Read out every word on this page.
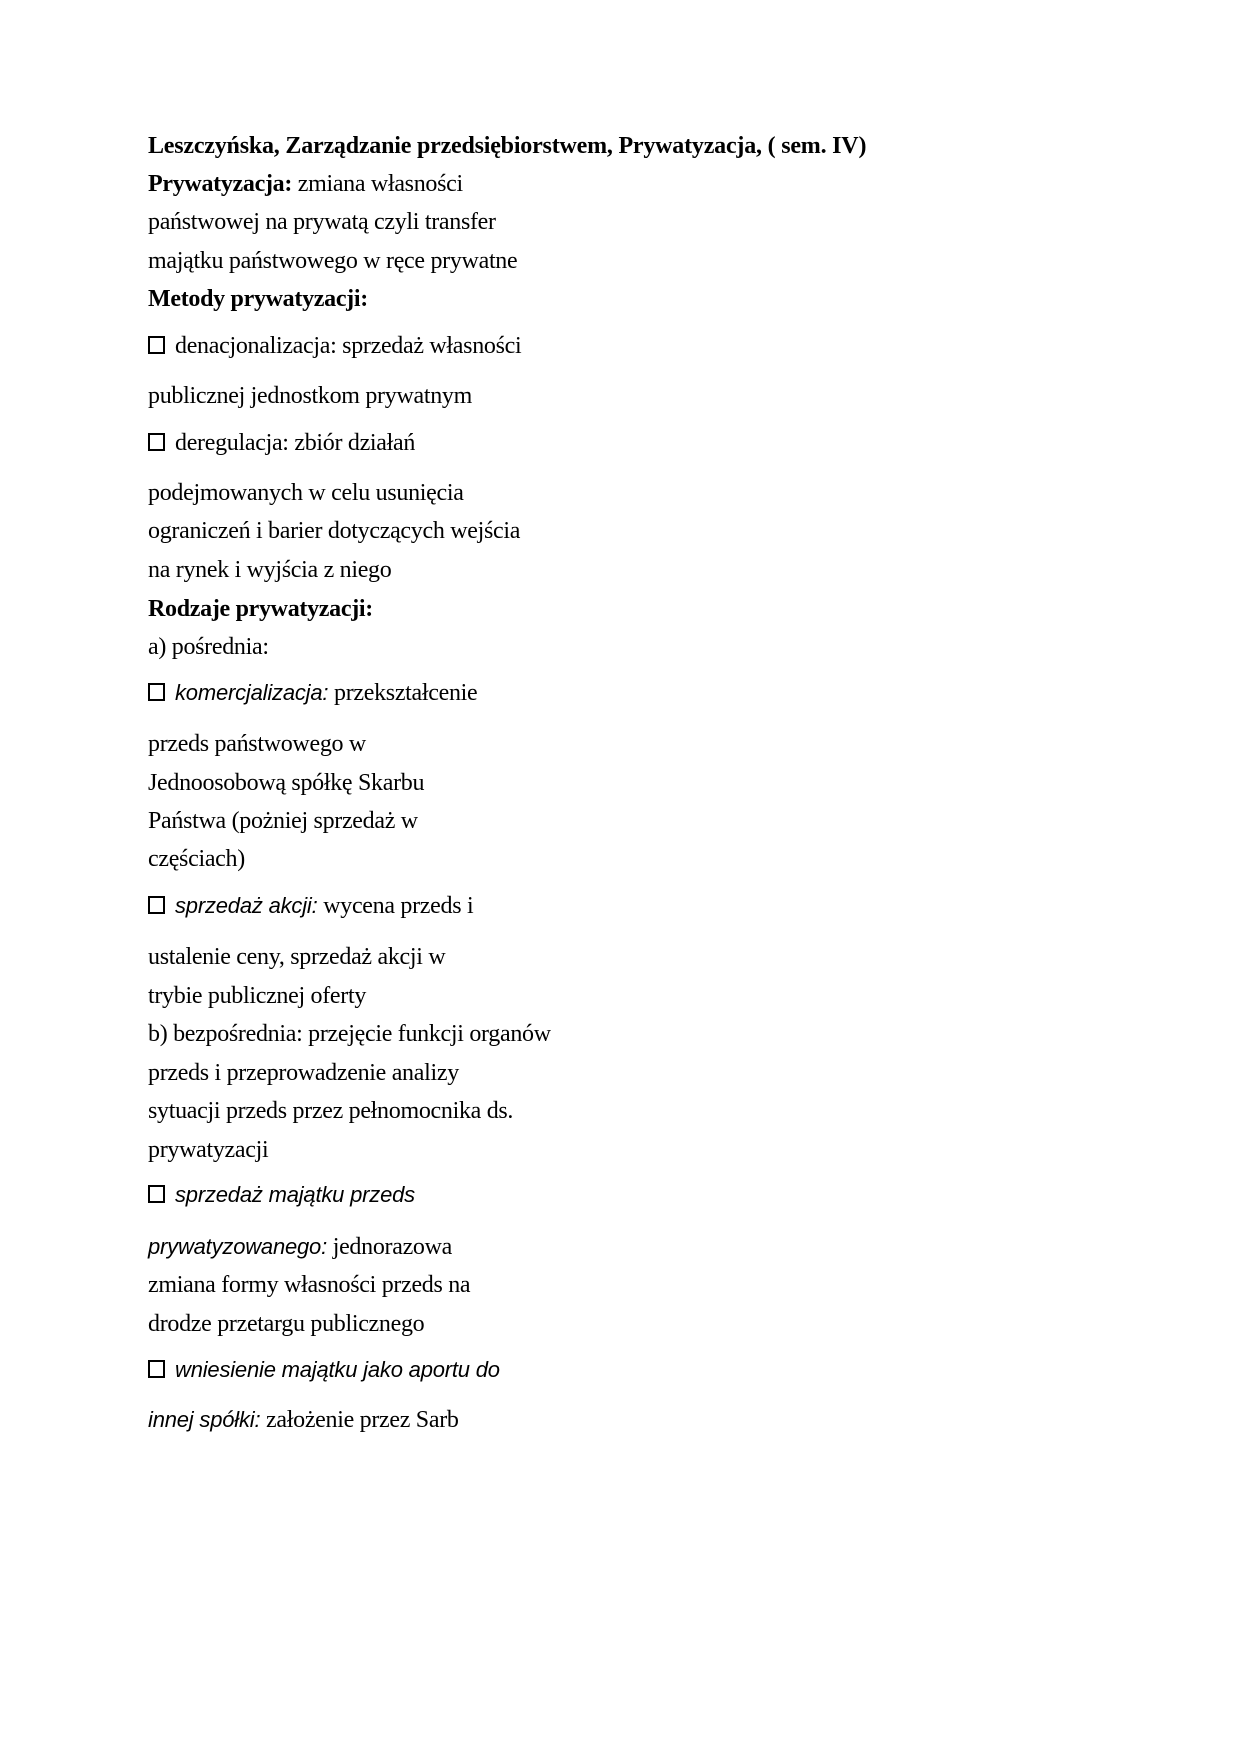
Leszczyńska, Zarządzanie przedsiębiorstwem, Prywatyzacja, ( sem. IV)
Prywatyzacja: zmiana własności
państwowej na prywatą czyli transfer
majątku państwowego w ręce prywatne
Metody prywatyzacji:
denacjonalizacja: sprzedaż własności
publicznej jednostkom prywatnym
deregulacja: zbiór działań
podejmowanych w celu usunięcia
ograniczeń i barier dotyczących wejścia
na rynek i wyjścia z niego
Rodzaje prywatyzacji:
a) pośrednia:
komercjalizacja: przekształcenie
przeds państwowego w
Jednoosobową spółkę Skarbu
Państwa (pożniej sprzedaż w
częściach)
sprzedaż akcji: wycena przeds i
ustalenie ceny, sprzedaż akcji w
trybie publicznej oferty
b) bezpośrednia: przejęcie funkcji organów
przeds i przeprowadzenie analizy
sytuacji przeds przez pełnomocnika ds.
prywatyzacji
sprzedaż majątku przeds
prywatyzowanego: jednorazowa
zmiana formy własności przeds na
drodze przetargu publicznego
wniesienie majątku jako aportu do
innej spółki: założenie przez Sarb
